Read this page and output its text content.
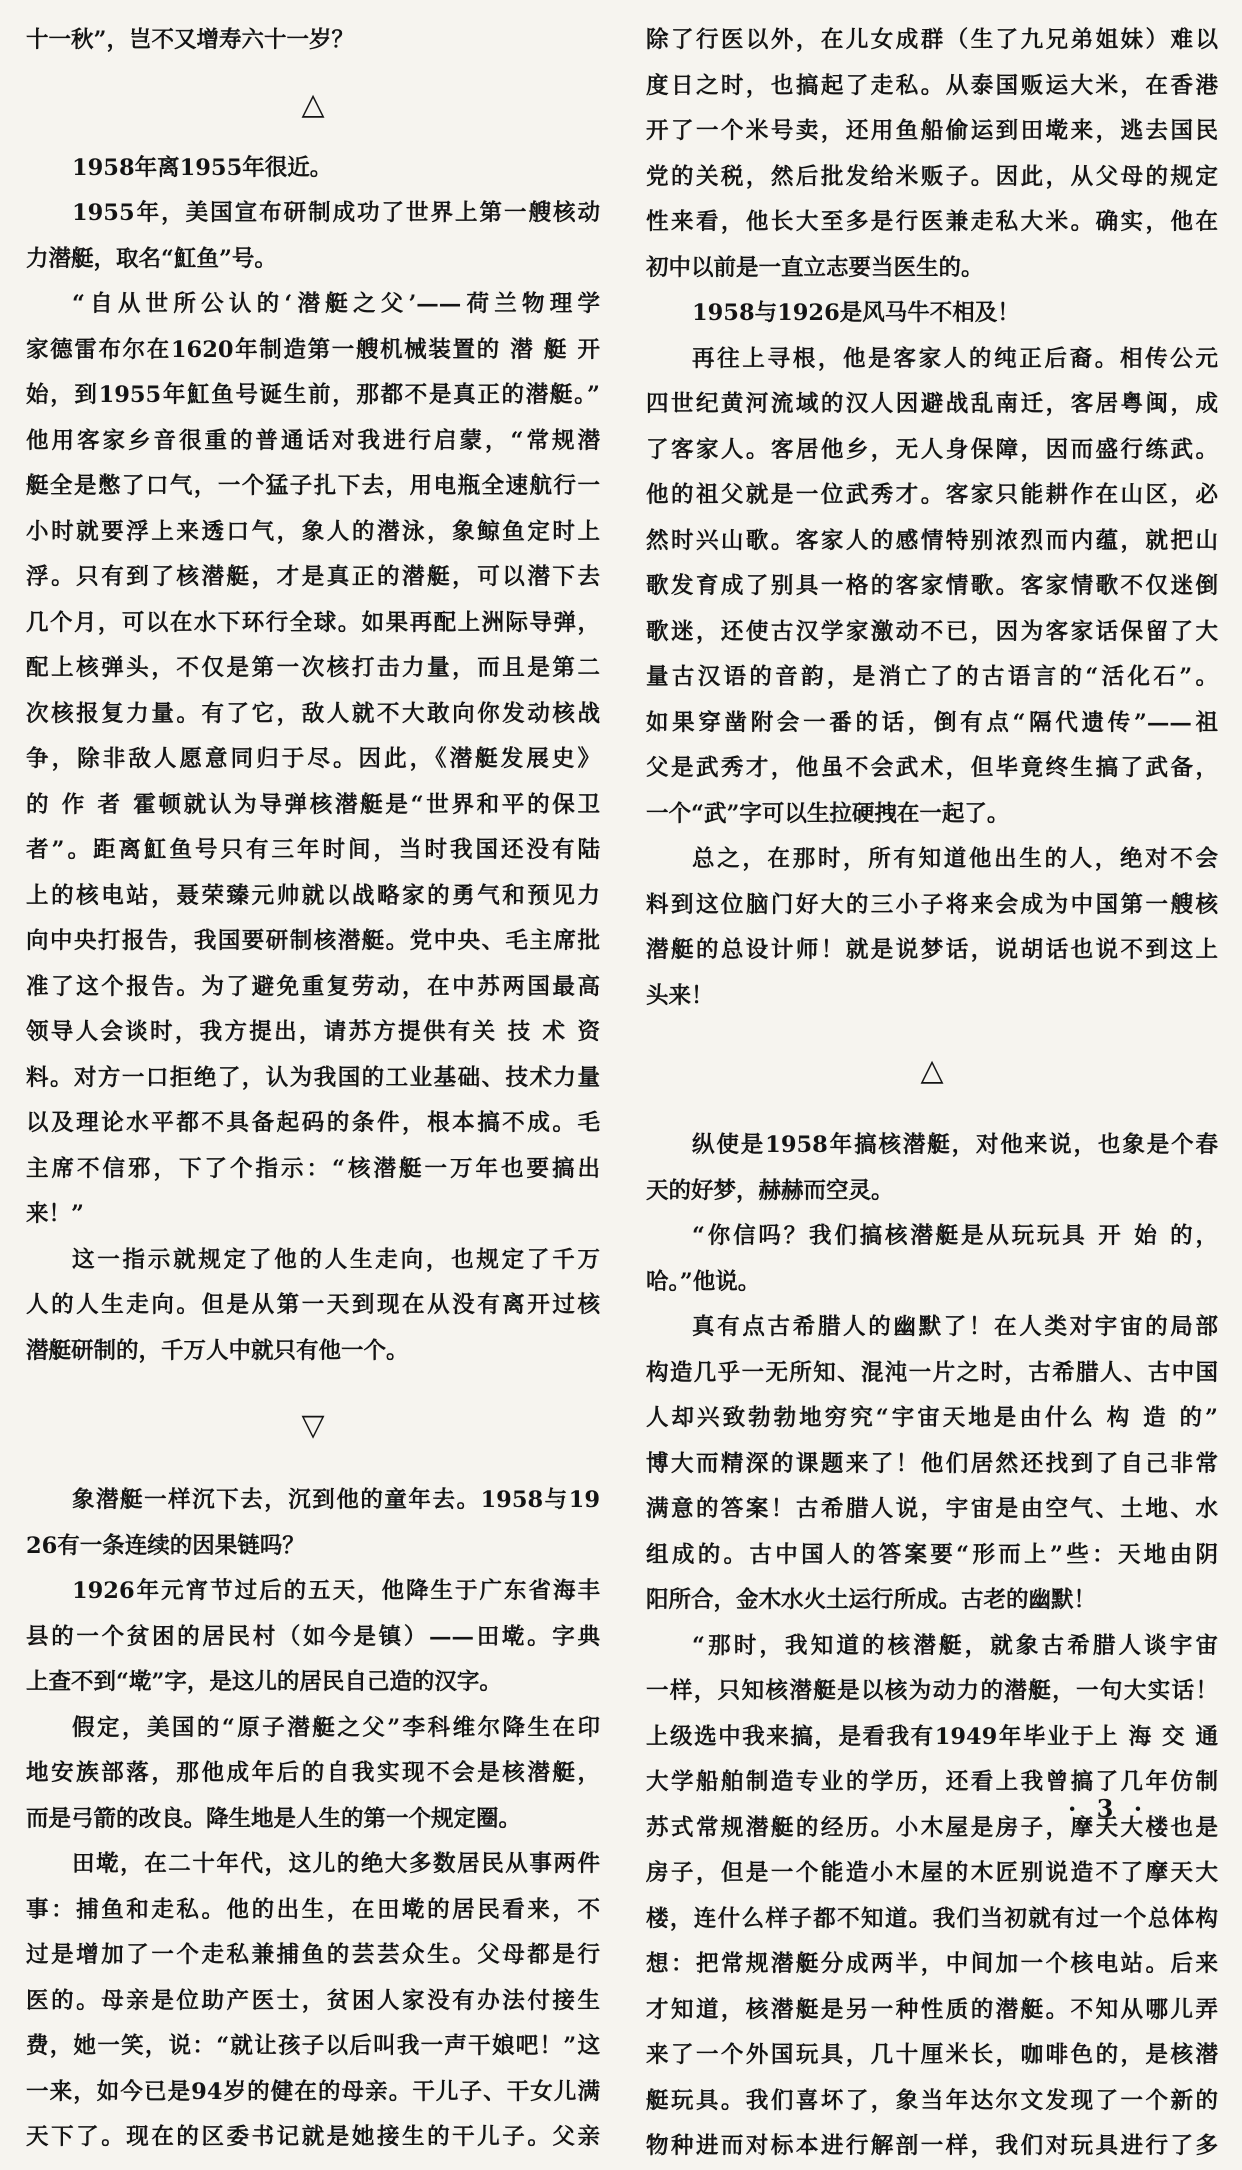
十一秋”，岂不又增寿六十一岁？
△
1958年离1955年很近。
1955年，美国宣布研制成功了世界上第一艘核动
力潜艇，取名“魟鱼”号。
“自从世所公认的‘潜艇之父’——荷兰物理学
家德雷布尔在1620年制造第一艘机械装置的 潜 艇 开
始，到1955年魟鱼号诞生前，那都不是真正的潜艇。”
他用客家乡音很重的普通话对我进行启蒙，“常规潜
艇全是憋了口气，一个猛子扎下去，用电瓶全速航行一
小时就要浮上来透口气，象人的潜泳，象鲸鱼定时上
浮。只有到了核潜艇，才是真正的潜艇，可以潜下去
几个月，可以在水下环行全球。如果再配上洲际导弹，
配上核弹头，不仅是第一次核打击力量，而且是第二
次核报复力量。有了它，敌人就不大敢向你发动核战
争，除非敌人愿意同归于尽。因此，《潜艇发展史》
的 作 者 霍顿就认为导弹核潜艇是“世界和平的保卫
者”。距离魟鱼号只有三年时间，当时我国还没有陆
上的核电站，聂荣臻元帅就以战略家的勇气和预见力
向中央打报告，我国要研制核潜艇。党中央、毛主席批
准了这个报告。为了避免重复劳动，在中苏两国最高
领导人会谈时，我方提出，请苏方提供有关 技 术 资
料。对方一口拒绝了，认为我国的工业基础、技术力量
以及理论水平都不具备起码的条件，根本搞不成。毛
主席不信邪，下了个指示：“核潜艇一万年也要搞出
来！”
这一指示就规定了他的人生走向，也规定了千万
人的人生走向。但是从第一天到现在从没有离开过核
潜艇研制的，千万人中就只有他一个。
▽
象潜艇一样沉下去，沉到他的童年去。1958与19
26有一条连续的因果链吗？
1926年元宵节过后的五天，他降生于广东省海丰
县的一个贫困的居民村（如今是镇）——田墘。字典
上查不到“墘”字，是这儿的居民自己造的汉字。
假定，美国的“原子潜艇之父”李科维尔降生在印
地安族部落，那他成年后的自我实现不会是核潜艇，
而是弓箭的改良。降生地是人生的第一个规定圈。
田墘，在二十年代，这儿的绝大多数居民从事两件
事：捕鱼和走私。他的出生，在田墘的居民看来，不
过是增加了一个走私兼捕鱼的芸芸众生。父母都是行
医的。母亲是位助产医士，贫困人家没有办法付接生
费，她一笑，说：“就让孩子以后叫我一声干娘吧！”这
一来，如今已是94岁的健在的母亲。干儿子、干女儿满
天下了。现在的区委书记就是她接生的干儿子。父亲
除了行医以外，在儿女成群（生了九兄弟姐妹）难以
度日之时，也搞起了走私。从泰国贩运大米，在香港
开了一个米号卖，还用鱼船偷运到田墘来，逃去国民
党的关税，然后批发给米贩子。因此，从父母的规定
性来看，他长大至多是行医兼走私大米。确实，他在
初中以前是一直立志要当医生的。
1958与1926是风马牛不相及！
再往上寻根，他是客家人的纯正后裔。相传公元
四世纪黄河流域的汉人因避战乱南迁，客居粤闽，成
了客家人。客居他乡，无人身保障，因而盛行练武。
他的祖父就是一位武秀才。客家只能耕作在山区，必
然时兴山歌。客家人的感情特别浓烈而内蕴，就把山
歌发育成了别具一格的客家情歌。客家情歌不仅迷倒
歌迷，还使古汉学家激动不已，因为客家话保留了大
量古汉语的音韵，是消亡了的古语言的“活化石”。
如果穿凿附会一番的话，倒有点“隔代遗传”——祖
父是武秀才，他虽不会武术，但毕竟终生搞了武备，
一个“武”字可以生拉硬拽在一起了。
总之，在那时，所有知道他出生的人，绝对不会
料到这位脑门好大的三小子将来会成为中国第一艘核
潜艇的总设计师！就是说梦话，说胡话也说不到这上
头来！
△
纵使是1958年搞核潜艇，对他来说，也象是个春
天的好梦，赫赫而空灵。
“你信吗？我们搞核潜艇是从玩玩具 开 始 的，
哈。”他说。
真有点古希腊人的幽默了！在人类对宇宙的局部
构造几乎一无所知、混沌一片之时，古希腊人、古中国
人却兴致勃勃地穷究“宇宙天地是由什么 构 造 的”
博大而精深的课题来了！他们居然还找到了自己非常
满意的答案！古希腊人说，宇宙是由空气、土地、水
组成的。古中国人的答案要“形而上”些：天地由阴
阳所合，金木水火土运行所成。古老的幽默！
“那时，我知道的核潜艇，就象古希腊人谈宇宙
一样，只知核潜艇是以核为动力的潜艇，一句大实话！
上级选中我来搞，是看我有1949年毕业于上 海 交 通
大学船舶制造专业的学历，还看上我曾搞了几年仿制
苏式常规潜艇的经历。小木屋是房子，摩天大楼也是
房子，但是一个能造小木屋的木匠别说造不了摩天大
楼，连什么样子都不知道。我们当初就有过一个总体构
想：把常规潜艇分成两半，中间加一个核电站。后来
才知道，核潜艇是另一种性质的潜艇。不知从哪儿弄
来了一个外国玩具，几十厘米长，咖啡色的，是核潜
艇玩具。我们喜坏了，象当年达尔文发现了一个新的
物种进而对标本进行解剖一样，我们对玩具进行了多
· 3 ·
